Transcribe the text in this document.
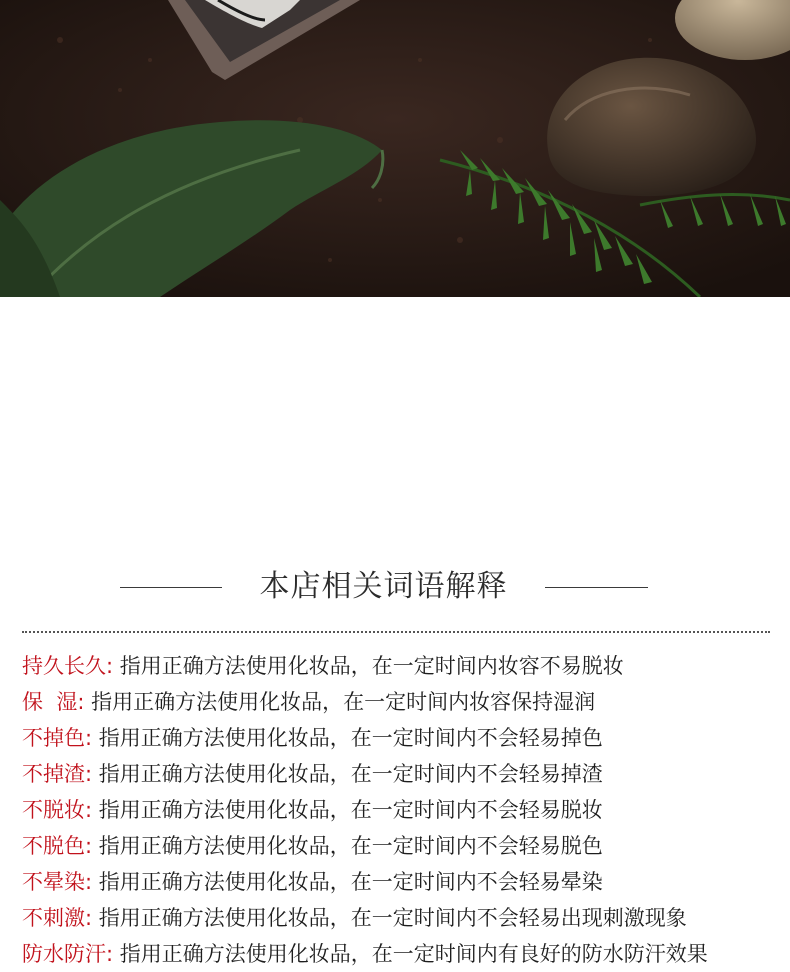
本店相关词语解释
持久长久: 指用正确方法使用化妆品，在一定时间内妆容不易脱妆
保  湿: 指用正确方法使用化妆品，在一定时间内妆容保持湿润
不掉色: 指用正确方法使用化妆品，在一定时间内不会轻易掉色
不掉渣: 指用正确方法使用化妆品，在一定时间内不会轻易掉渣
不脱妆: 指用正确方法使用化妆品，在一定时间内不会轻易脱妆
不脱色: 指用正确方法使用化妆品，在一定时间内不会轻易脱色
不晕染: 指用正确方法使用化妆品，在一定时间内不会轻易晕染
不刺激: 指用正确方法使用化妆品，在一定时间内不会轻易出现刺激现象
防水防汗: 指用正确方法使用化妆品，在一定时间内有良好的防水防汗效果
